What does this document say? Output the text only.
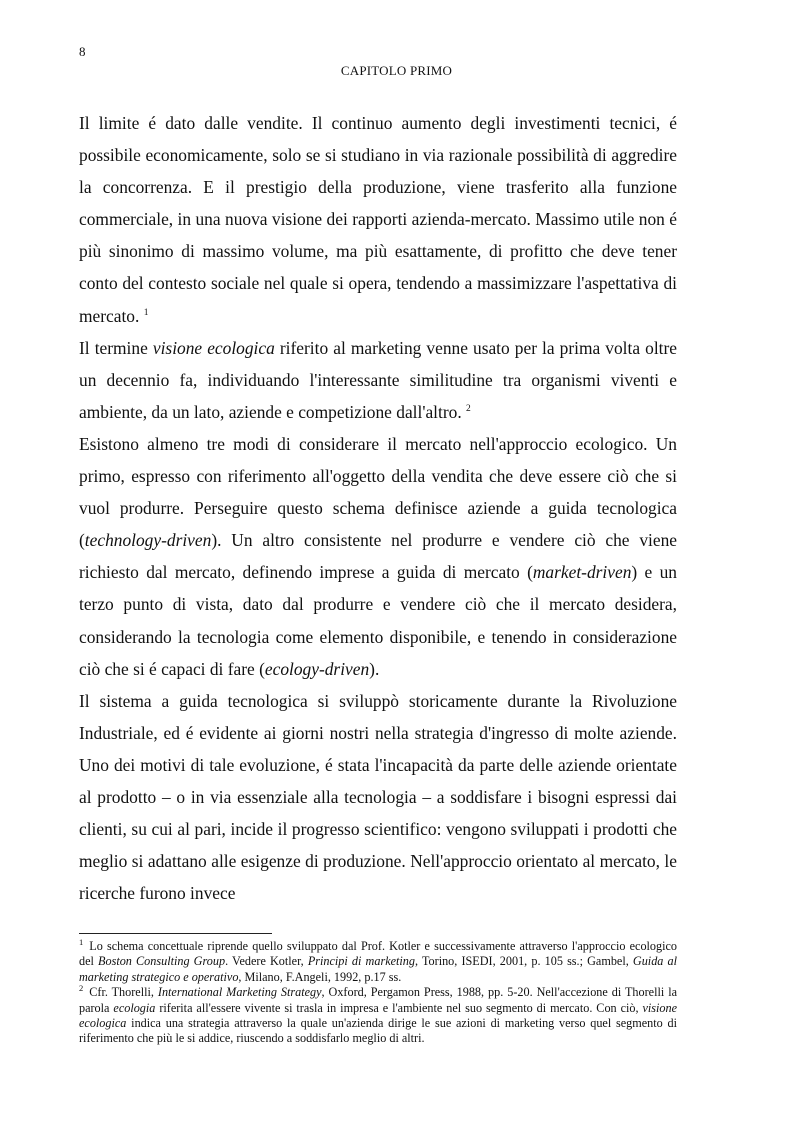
8
CAPITOLO PRIMO

Il limite é dato dalle vendite. Il continuo aumento degli investimenti tecnici, é possibile economicamente, solo se si studiano in via razionale possibilità di aggredire la concorrenza. E il prestigio della produzione, viene trasferito alla funzione commerciale, in una nuova visione dei rapporti azienda-mercato. Massimo utile non é più sinonimo di massimo volume, ma più esattamente, di profitto che deve tener conto del contesto sociale nel quale si opera, tendendo a massimizzare l'aspettativa di mercato. $^1$

Il termine visione ecologica riferito al marketing venne usato per la prima volta oltre un decennio fa, individuando l'interessante similitudine tra organismi viventi e ambiente, da un lato, aziende e competizione dall'altro. $^2$

Esistono almeno tre modi di considerare il mercato nell'approccio ecologico. Un primo, espresso con riferimento all'oggetto della vendita che deve essere ciò che si vuol produrre. Perseguire questo schema definisce aziende a guida tecnologica (technology-driven). Un altro consistente nel produrre e vendere ciò che viene richiesto dal mercato, definendo imprese a guida di mercato (market-driven) e un terzo punto di vista, dato dal produrre e vendere ciò che il mercato desidera, considerando la tecnologia come elemento disponibile, e tenendo in considerazione ciò che si é capaci di fare (ecology-driven).

Il sistema a guida tecnologica si sviluppò storicamente durante la Rivoluzione Industriale, ed é evidente ai giorni nostri nella strategia d'ingresso di molte aziende. Uno dei motivi di tale evoluzione, é stata l'incapacità da parte delle aziende orientate al prodotto – o in via essenziale alla tecnologia – a soddisfare i bisogni espressi dai clienti, su cui al pari, incide il progresso scientifico: vengono sviluppati i prodotti che meglio si adattano alle esigenze di produzione. Nell'approccio orientato al mercato, le ricerche furono invece

$^1$ Lo schema concettuale riprende quello sviluppato dal Prof. Kotler e successivamente attraverso l'approccio ecologico del Boston Consulting Group. Vedere Kotler, Principi di marketing, Torino, ISEDI, 2001, p. 105 ss.; Gambel, Guida al marketing strategico e operativo, Milano, F.Angeli, 1992, p.17 ss.

$^2$ Cfr. Thorelli, International Marketing Strategy, Oxford, Pergamon Press, 1988, pp. 5-20. Nell'accezione di Thorelli la parola ecologia riferita all'essere vivente si trasla in impresa e l'ambiente nel suo segmento di mercato. Con ciò, visione ecologica indica una strategia attraverso la quale un'azienda dirige le sue azioni di marketing verso quel segmento di riferimento che più le si addice, riuscendo a soddisfarlo meglio di altri.
